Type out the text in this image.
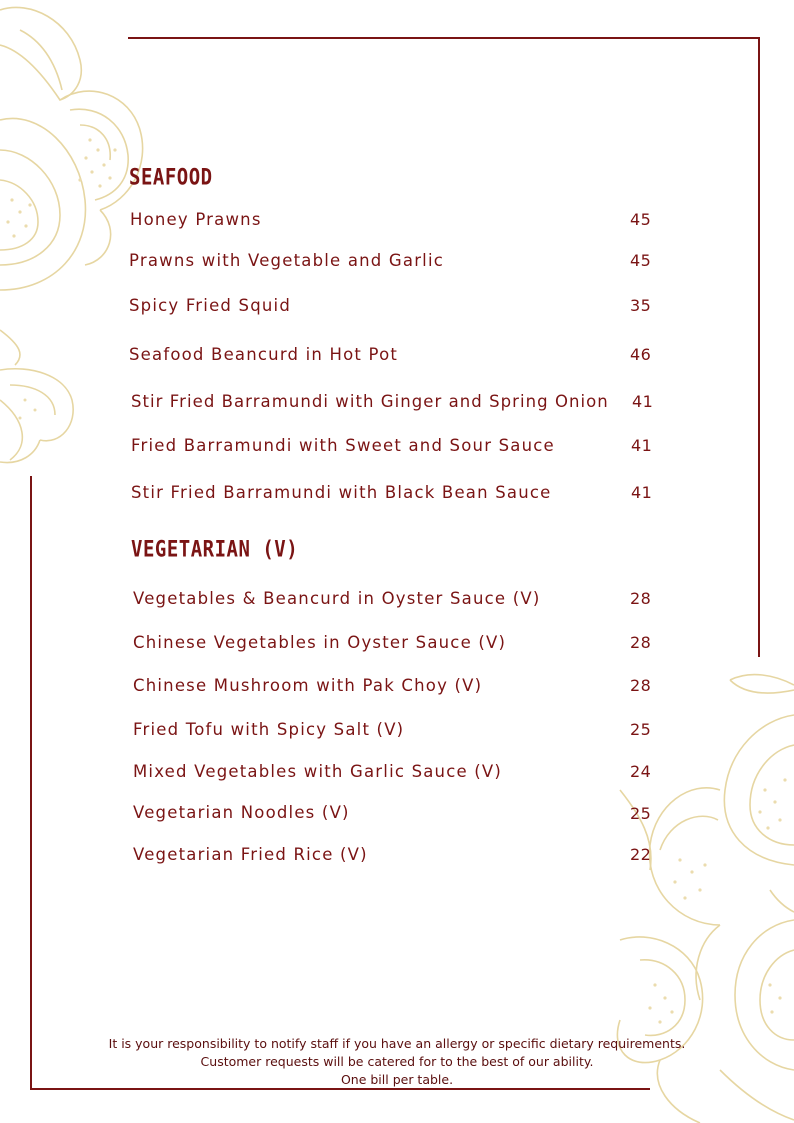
SEAFOOD
Honey Prawns	45
Prawns with Vegetable and Garlic	45
Spicy Fried Squid	35
Seafood Beancurd in Hot Pot	46
Stir Fried Barramundi with Ginger and Spring Onion 41
Fried Barramundi with Sweet and Sour Sauce	41
Stir Fried Barramundi with Black Bean Sauce	41
VEGETARIAN (V)
Vegetables & Beancurd in Oyster Sauce (V)	28
Chinese Vegetables in Oyster Sauce (V)	28
Chinese Mushroom with Pak Choy (V)	28
Fried Tofu with Spicy Salt (V)	25
Mixed Vegetables with Garlic Sauce (V)	24
Vegetarian Noodles (V)	25
Vegetarian Fried Rice (V)	22
It is your responsibility to notify staff if you have an allergy or specific dietary requirements.
Customer requests will be catered for to the best of our ability.
One bill per table.
